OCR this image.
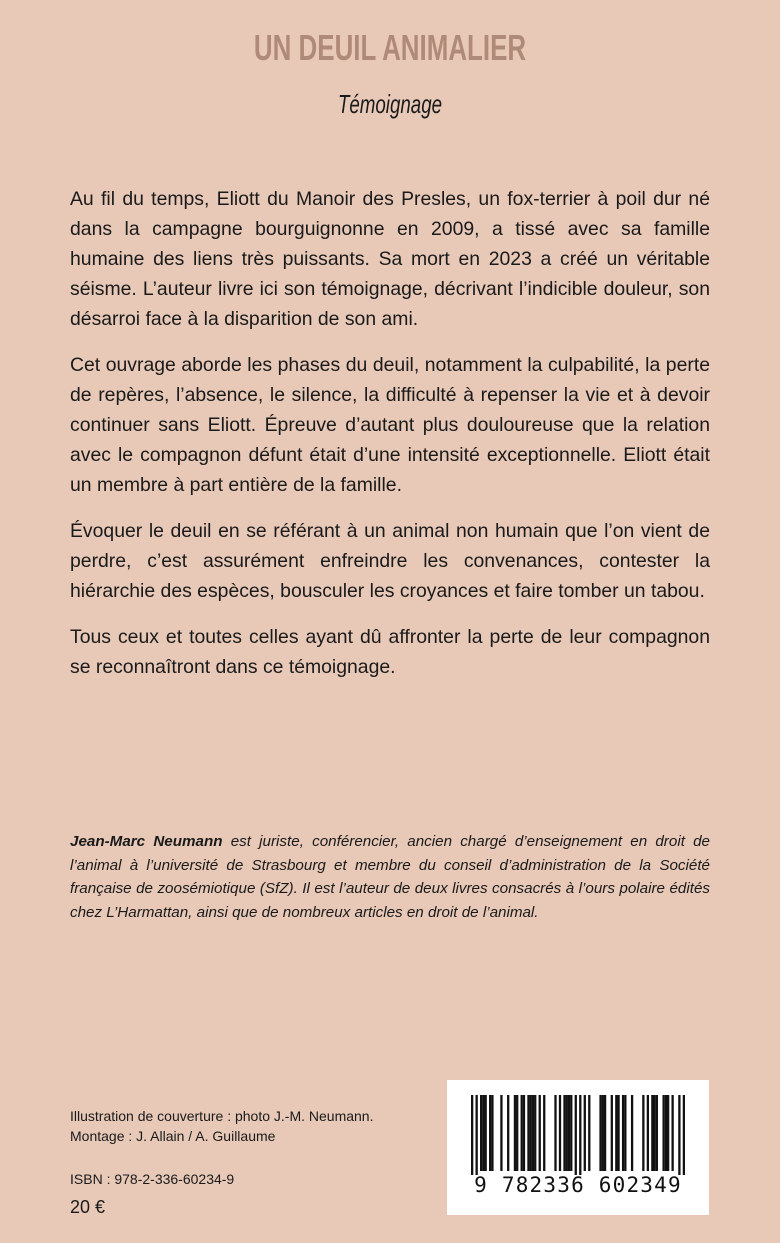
UN DEUIL ANIMALIER
Témoignage

Au fil du temps, Eliott du Manoir des Presles, un fox-terrier à poil dur né dans la campagne bourguignonne en 2009, a tissé avec sa famille humaine des liens très puissants. Sa mort en 2023 a créé un véritable séisme. L’auteur livre ici son témoignage, décrivant l’indicible douleur, son désarroi face à la disparition de son ami.

Cet ouvrage aborde les phases du deuil, notamment la culpabilité, la perte de repères, l’absence, le silence, la difficulté à repenser la vie et à devoir continuer sans Eliott. Épreuve d’autant plus douloureuse que la relation avec le compagnon défunt était d’une intensité exceptionnelle. Eliott était un membre à part entière de la famille.

Évoquer le deuil en se référant à un animal non humain que l’on vient de perdre, c’est assurément enfreindre les convenances, contester la hiérarchie des espèces, bousculer les croyances et faire tomber un tabou.

Tous ceux et toutes celles ayant dû affronter la perte de leur compagnon se reconnaîtront dans ce témoignage.

Jean-Marc Neumann est juriste, conférencier, ancien chargé d’enseignement en droit de l’animal à l’université de Strasbourg et membre du conseil d’administration de la Société française de zoosémiotique (SfZ). Il est l’auteur de deux livres consacrés à l’ours polaire édités chez L’Harmattan, ainsi que de nombreux articles en droit de l’animal.

Illustration de couverture : photo J.-M. Neumann.
Montage : J. Allain / A. Guillaume
ISBN : 978-2-336-60234-9
20 €
9 782336 602349
